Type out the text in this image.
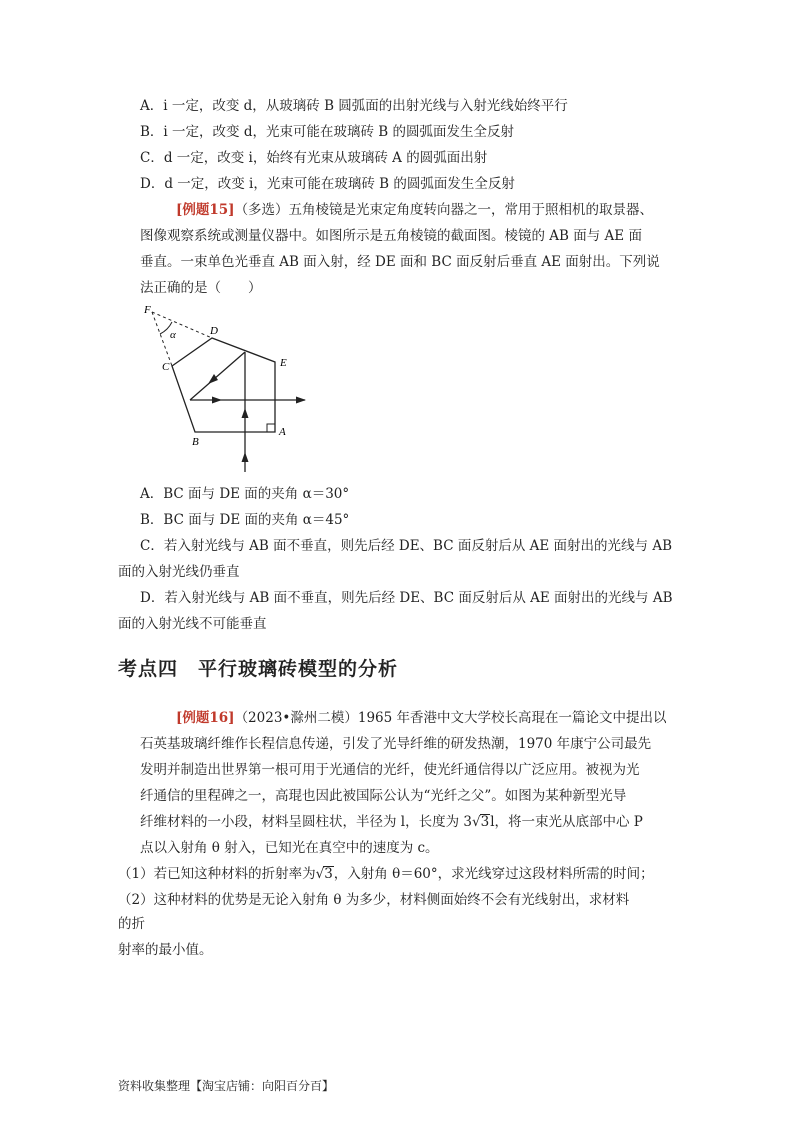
A．i 一定，改变 d，从玻璃砖 B 圆弧面的出射光线与入射光线始终平行
B．i 一定，改变 d，光束可能在玻璃砖 B 的圆弧面发生全反射
C．d 一定，改变 i，始终有光束从玻璃砖 A 的圆弧面出射
D．d 一定，改变 i，光束可能在玻璃砖 B 的圆弧面发生全反射
[例题15]（多选）五角棱镜是光束定角度转向器之一，常用于照相机的取景器、
图像观察系统或测量仪器中。如图所示是五角棱镜的截面图。棱镜的 AB 面与 AE 面
垂直。一束单色光垂直 AB 面入射，经 DE 面和 BC 面反射后垂直 AE 面射出。下列说
法正确的是（　　）
F
D
C	E
B
A
α
A．BC 面与 DE 面的夹角 α＝30°
B．BC 面与 DE 面的夹角 α＝45°
C．若入射光线与 AB 面不垂直，则先后经 DE、BC 面反射后从 AE 面射出的光线与 AB
面的入射光线仍垂直
D．若入射光线与 AB 面不垂直，则先后经 DE、BC 面反射后从 AE 面射出的光线与 AB
面的入射光线不可能垂直
考点四　平行玻璃砖模型的分析
[例题16]（2023•滁州二模）1965 年香港中文大学校长高琨在一篇论文中提出以
石英基玻璃纤维作长程信息传递，引发了光导纤维的研发热潮，1970 年康宁公司最先
发明并制造出世界第一根可用于光通信的光纤，使光纤通信得以广泛应用。被视为光
纤通信的里程碑之一，高琨也因此被国际公认为“光纤之父”。如图为某种新型光导
纤维材料的一小段，材料呈圆柱状，半径为 l，长度为 3√3l，将一束光从底部中心 P
点以入射角 θ 射入，已知光在真空中的速度为 c。
（1）若已知这种材料的折射率为√3，入射角 θ＝60°，求光线穿过这段材料所需的时间；
（2）这种材料的优势是无论入射角 θ 为多少，材料侧面始终不会有光线射出，求材料
的折
射率的最小值。
资料收集整理【淘宝店铺：向阳百分百】
